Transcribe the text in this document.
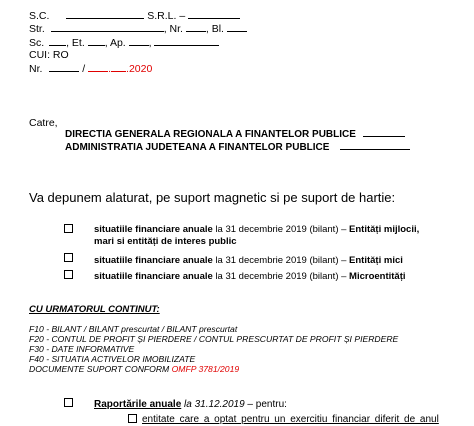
S.C.	S.R.L. –
Str.	, Nr. , Bl.
Sc. , Et. , Ap. ,
CUI: RO
Nr.	/ . .2020
Catre,
DIRECTIA GENERALA REGIONALA A FINANTELOR PUBLICE
ADMINISTRATIA JUDETEANA A FINANTELOR PUBLICE
Va depunem alaturat, pe suport magnetic si pe suport de hartie:
situatiile financiare anuale la 31 decembrie 2019 (bilant) – Entități mijlocii,
mari si entități de interes public
situatiile financiare anuale la 31 decembrie 2019 (bilant) – Entități mici
situatiile financiare anuale la 31 decembrie 2019 (bilant) – Microentități
CU URMATORUL CONTINUT:
F10 - BILANT / BILANT prescurtat / BILANT prescurtat
F20 - CONTUL DE PROFIT ȘI PIERDERE / CONTUL PRESCURTAT DE PROFIT ȘI PIERDERE
F30 - DATE INFORMATIVE
F40 - SITUATIA ACTIVELOR IMOBILIZATE
DOCUMENTE SUPORT CONFORM OMFP 3781/2019
Raportările anuale la 31.12.2019 – pentru:
entitate care a optat pentru un exercitiu financiar diferit de anul
